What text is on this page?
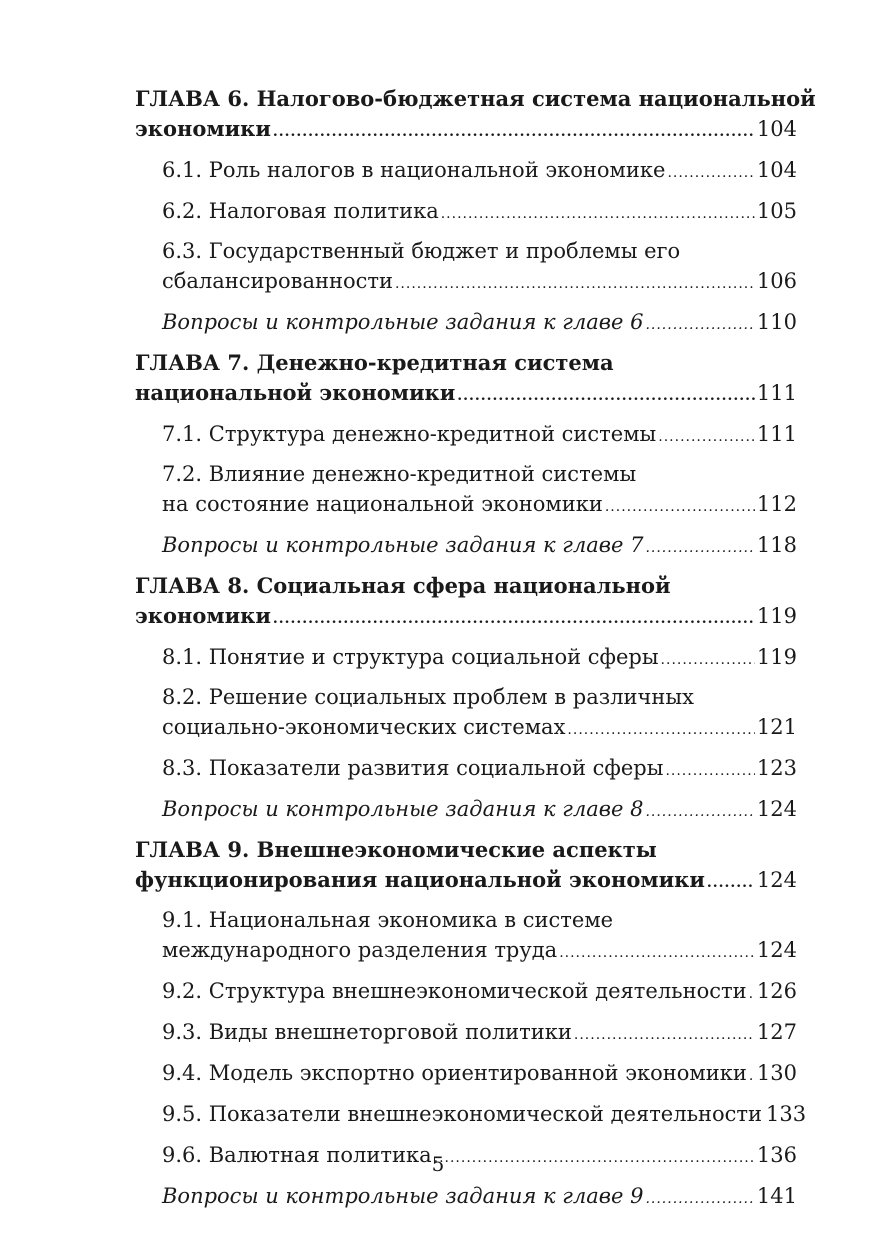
ГЛАВА 6. Налогово-бюджетная система национальной
экономики .....	104
6.1. Роль налогов в национальной экономике .....	104
6.2. Налоговая политика .....	105
6.3. Государственный бюджет и проблемы его
сбалансированности .....	106
Вопросы и контрольные задания к главе 6 .....	110
ГЛАВА 7. Денежно-кредитная система
национальной экономики .....	111
7.1. Структура денежно-кредитной системы .....	111
7.2. Влияние денежно-кредитной системы
на состояние национальной экономики .....	112
Вопросы и контрольные задания к главе 7 .....	118
ГЛАВА 8. Социальная сфера национальной
экономики .....	119
8.1. Понятие и структура социальной сферы .....	119
8.2. Решение социальных проблем в различных
социально-экономических системах .....	121
8.3. Показатели развития социальной сферы .....	123
Вопросы и контрольные задания к главе 8 .....	124
ГЛАВА 9. Внешнеэкономические аспекты
функционирования национальной экономики ..... 124
9.1. Национальная экономика в системе
международного разделения труда .....	124
9.2. Структура внешнеэкономической деятельности ..... 126
9.3. Виды внешнеторговой политики .....	127
9.4. Модель экспортно ориентированной экономики ..... 130
9.5. Показатели внешнеэкономической деятельности 133
9.6. Валютная политика .....	136
Вопросы и контрольные задания к главе 9 .....	141
5
